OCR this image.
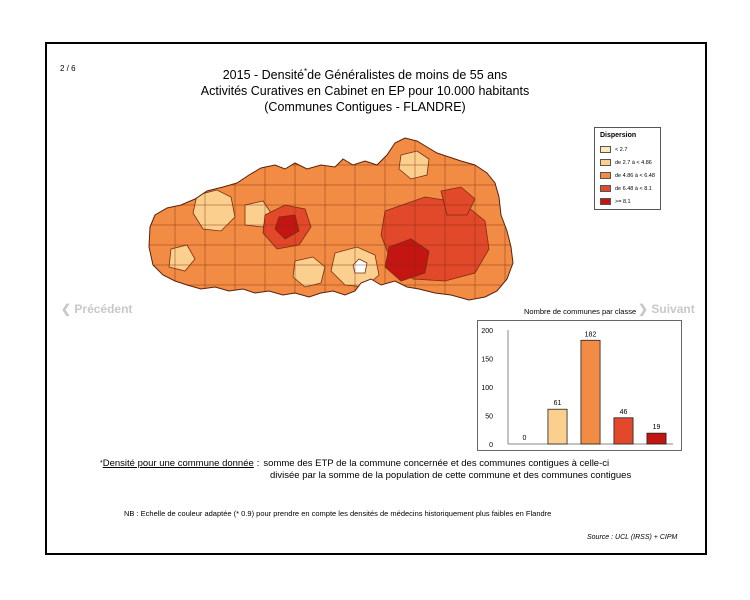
2 / 6	2015 - Densité*de Généralistes de moins de 55 ans
Activités Curatives en Cabinet en EP pour 10.000 habitants
(Communes Contigues - FLANDRE)
Dispersion
< 2.7
de 2.7 à < 4.86
de 4.86 à < 6.48
de 6.48 à < 8.1
>= 8.1
❮ Précédent	❯ Suivant
Nombre de communes par classe
0
50
100
150
200
0
61
182
46
19
* Densité pour une commune donnée : somme des ETP de la commune concernée et des communes contigues à celle-ci
divisée par la somme de la population de cette commune et des communes contigues
NB : Echelle de couleur adaptée (* 0.9) pour prendre en compte les densités de médecins historiquement plus faibles en Flandre
Source : UCL (IRSS) + CIPM
